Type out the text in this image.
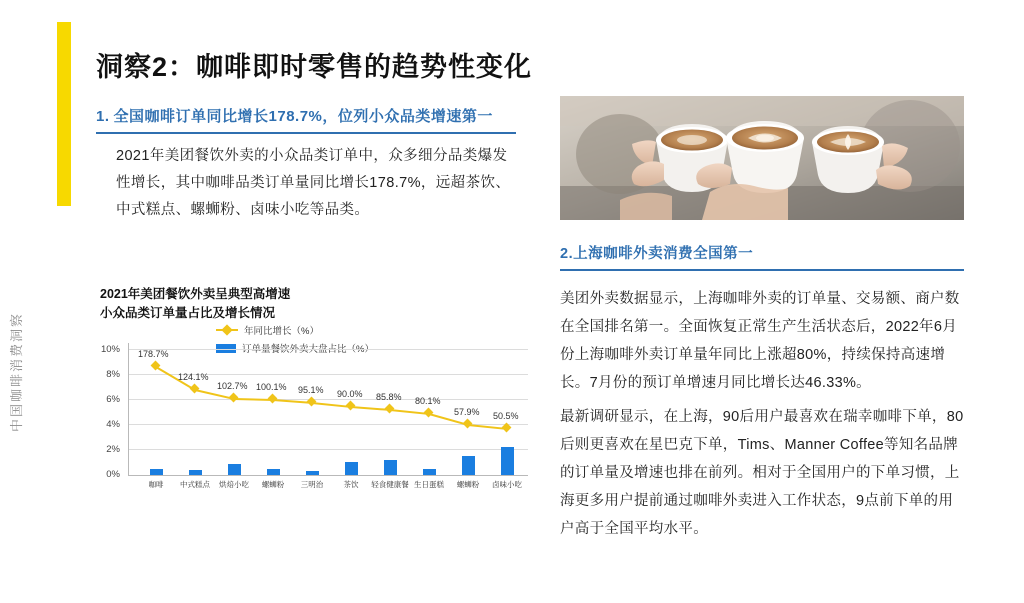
中国咖啡消费洞察
洞察2：咖啡即时零售的趋势性变化
1. 全国咖啡订单同比增长178.7%，位列小众品类增速第一
2021年美团餐饮外卖的小众品类订单中，众多细分品类爆发性增长，其中咖啡品类订单量同比增长178.7%，远超茶饮、中式糕点、螺蛳粉、卤味小吃等品类。
2021年美团餐饮外卖呈典型高增速
小众品类订单量占比及增长情况
年同比增长（%）
10%
8%
6%
4%
2%
0%
178.7%
124.1%
102.7% 100.1% 95.1% 90.0% 85.8% 80.1%
57.9% 50.5%
咖啡	中式糕点	烘焙小吃	螺蛳粉	三明治	茶饮	轻食健康餐 生日蛋糕	螺蛳粉	卤味小吃
2.上海咖啡外卖消费全国第一
美团外卖数据显示，上海咖啡外卖的订单量、交易额、商户数在全国排名第一。全面恢复正常生产生活状态后，2022年6月份上海咖啡外卖订单量年同比上涨超80%，持续保持高速增长。7月份的预订单增速月同比增长达46.33%。
最新调研显示，在上海，90后用户最喜欢在瑞幸咖啡下单，80后则更喜欢在星巴克下单，Tims、Manner Coffee等知名品牌的订单量及增速也排在前列。相对于全国用户的下单习惯，上海更多用户提前通过咖啡外卖进入工作状态，9点前下单的用户高于全国平均水平。
